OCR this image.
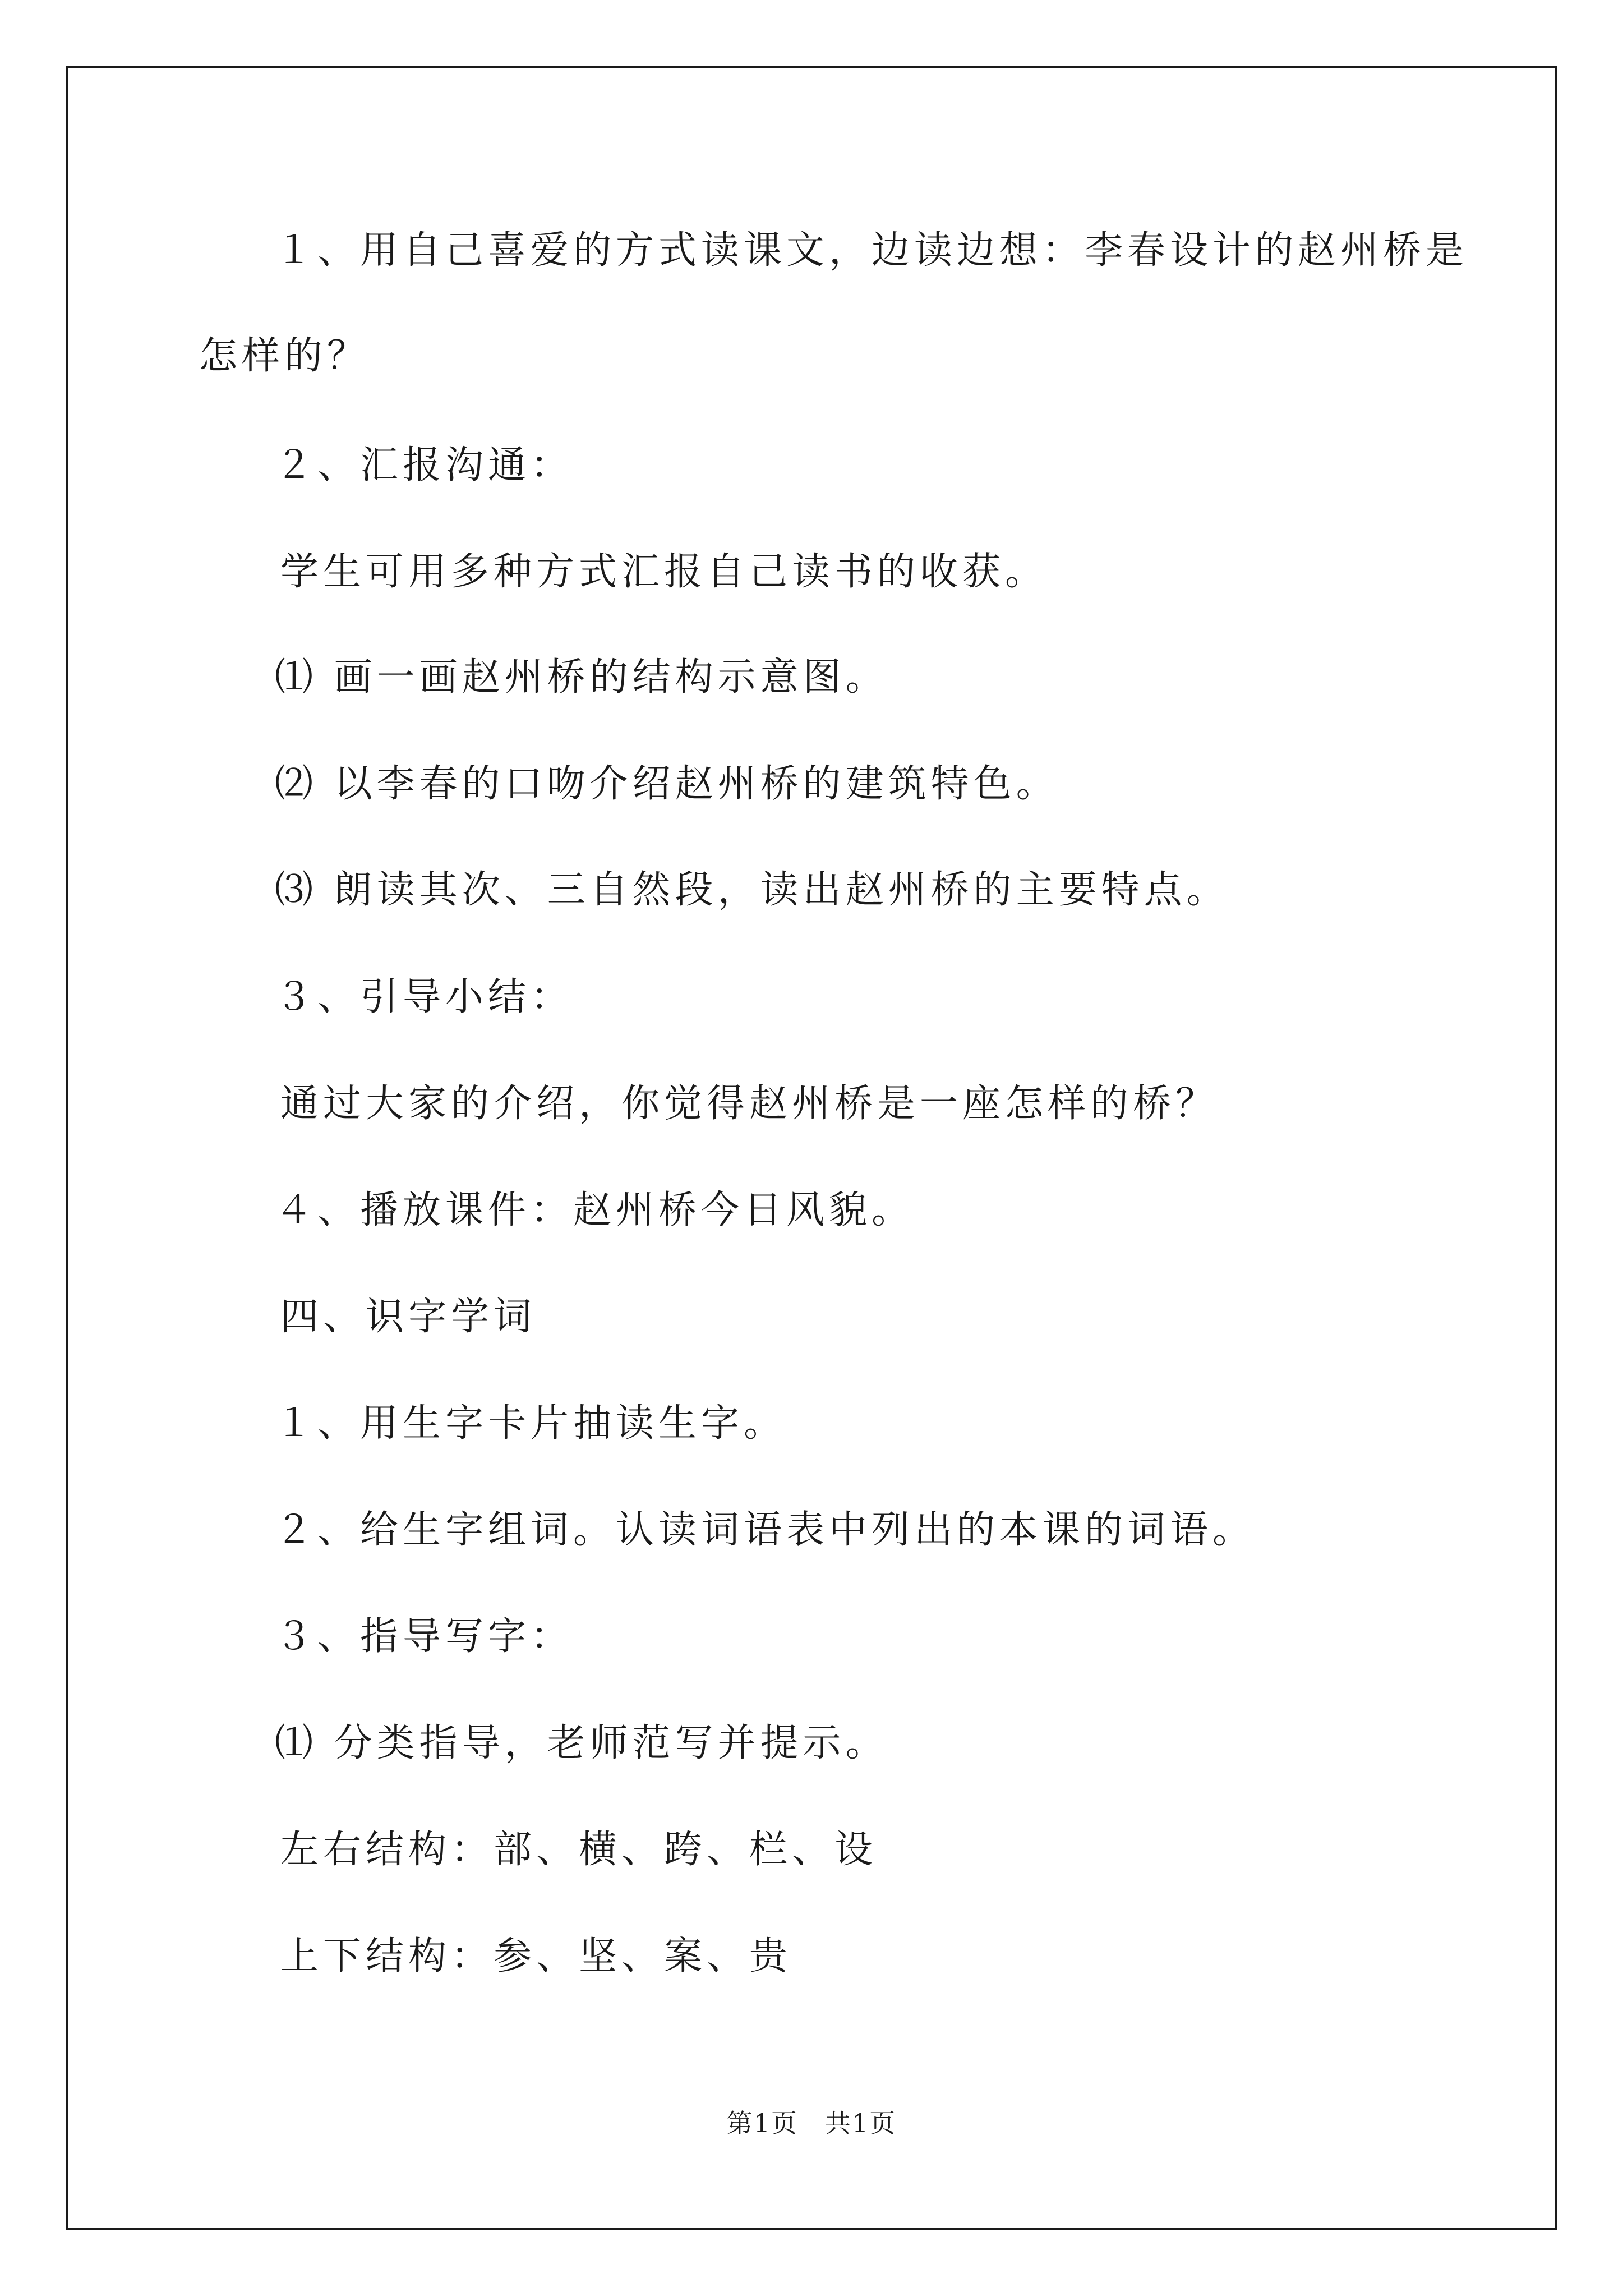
１、用自己喜爱的方式读课文，边读边想：李春设计的赵州桥是

怎样的？

２、汇报沟通：

学生可用多种方式汇报自己读书的收获。

⑴ 画一画赵州桥的结构示意图。

⑵ 以李春的口吻介绍赵州桥的建筑特色。

⑶ 朗读其次、三自然段，读出赵州桥的主要特点。

３、引导小结：

通过大家的介绍，你觉得赵州桥是一座怎样的桥？

４、播放课件：赵州桥今日风貌。

四、识字学词

１、用生字卡片抽读生字。

２、给生字组词。认读词语表中列出的本课的词语。

３、指导写字：

⑴ 分类指导，老师范写并提示。

左右结构：部、横、跨、栏、设

上下结构：参、坚、案、贵

第1页　共1页
